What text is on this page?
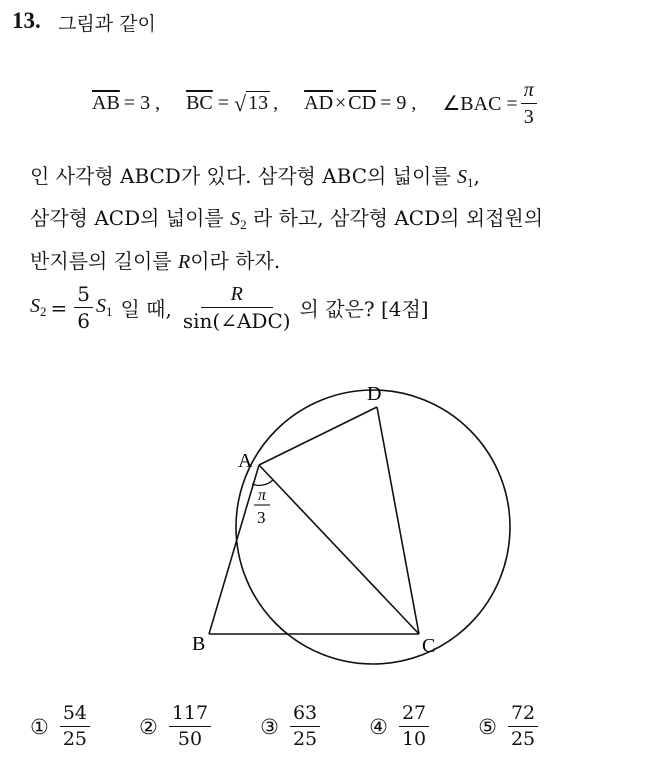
13. 그림과 같이
$\overline{AB} = 3$ , $\overline{BC}$ = √ 13 , $\overline{AD} \times \overline{CD} = 9$ , ∠BAC = $\frac{\pi}{3}$
인 사각형 ABCD가 있다. 삼각형 ABC의 넓이를 $S_1$,
삼각형 ACD의 넓이를 $S_2$ 라 하고, 삼각형 ACD의 외접원의
반지름의 길이를 R이라 하자.
$S_2 = \frac{5}{6} S_1$ 일 때, $\frac{R}{\text{sin(∠ADC)}}$ 의 값은? [4점]
A
B	C
D
π
3
① $\frac{54}{25}$ ② $\frac{117}{50}$ ③ $\frac{63}{25}$ ④ $\frac{27}{10}$ ⑤ $\frac{72}{25}$
